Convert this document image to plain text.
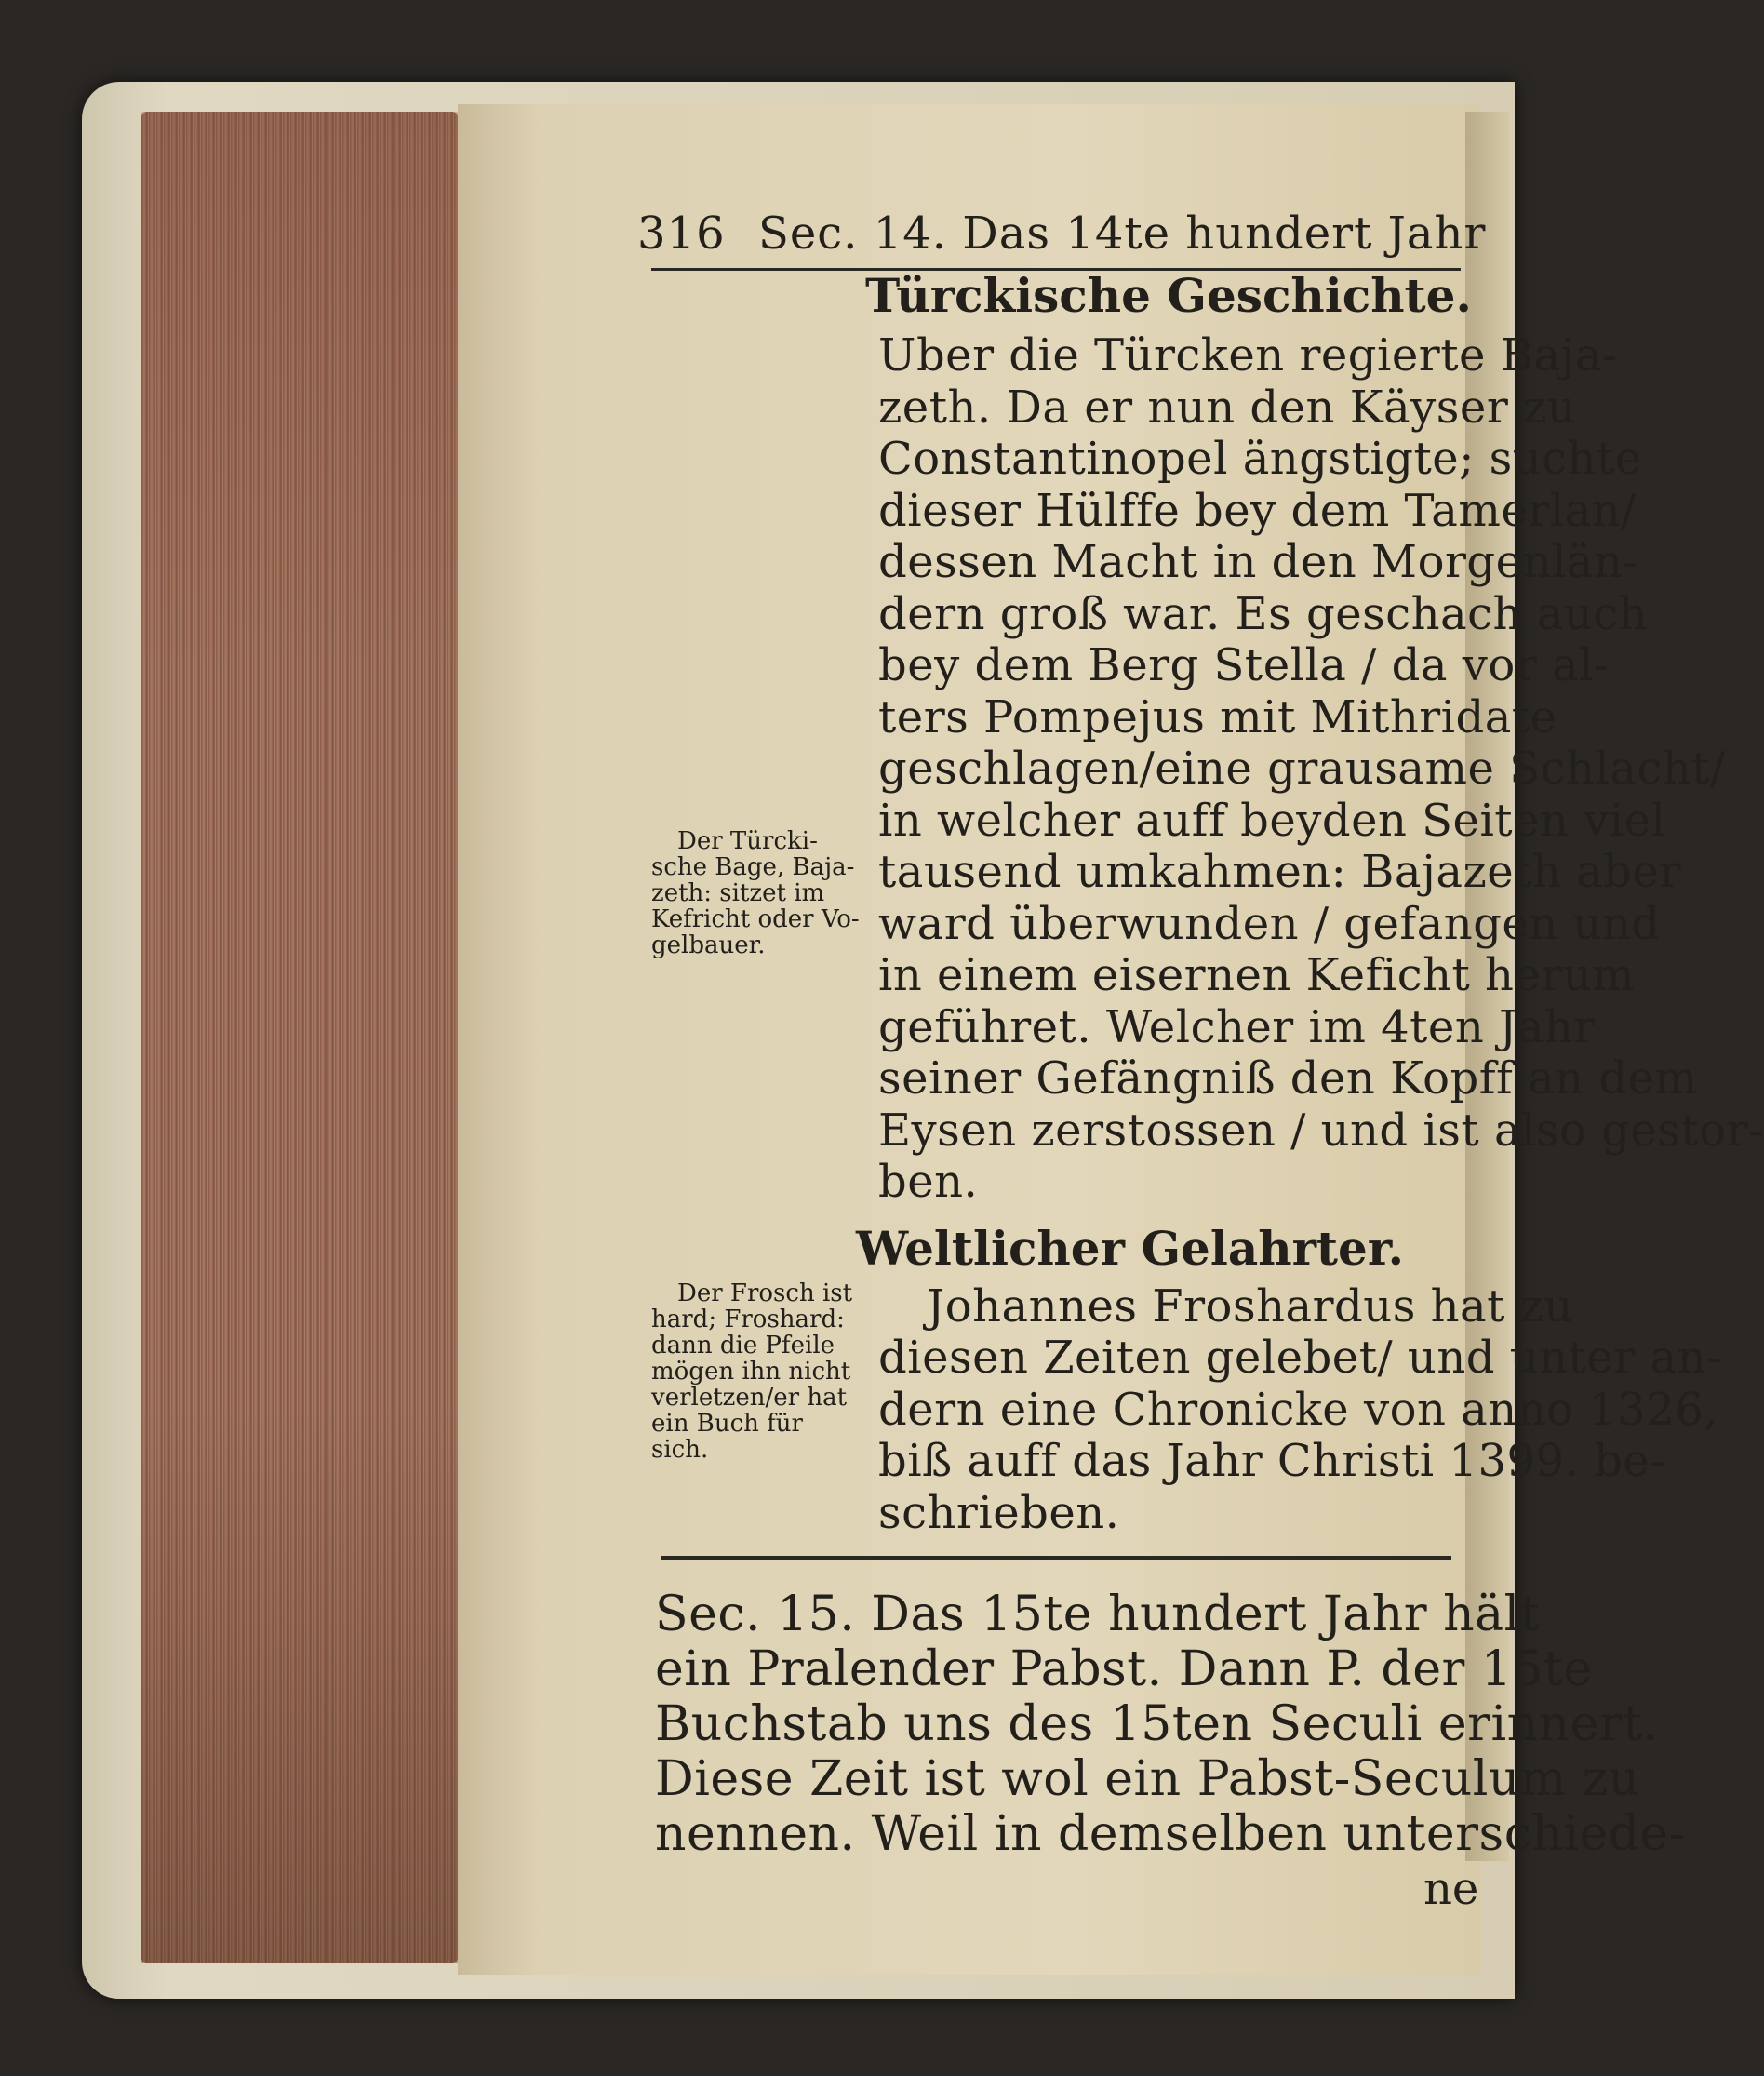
316 Sec. 14. Das 14te hundert Jahr
Türckische Geschichte.
Uber die Türcken regierte Baja-
zeth. Da er nun den Käyser zu
Constantinopel ängstigte; suchte
dieser Hülffe bey dem Tamerlan/
dessen Macht in den Morgenlän-
dern groß war. Es geschach auch
bey dem Berg Stella / da vor al-
ters Pompejus mit Mithridate
geschlagen/eine grausame Schlacht/
in welcher auff beyden Seiten viel
tausend umkahmen: Bajazeth aber
ward überwunden / gefangen und
in einem eisernen Keficht herum
geführet. Welcher im 4ten Jahr
seiner Gefängniß den Kopff an dem
Eysen zerstossen / und ist also gestor-
ben.
Der Türcki-
sche Bage, Baja-
zeth: sitzet im
Kefricht oder Vo-
gelbauer.
Weltlicher Gelahrter.
Johannes Froshardus hat zu
diesen Zeiten gelebet/ und unter an-
dern eine Chronicke von anno 1326,
biß auff das Jahr Christi 1399. be-
schrieben.
Der Frosch ist
hard; Froshard:
dann die Pfeile
mögen ihn nicht
verletzen/er hat
ein Buch für
sich.
Sec. 15. Das 15te hundert Jahr hält
ein Pralender Pabst. Dann P. der 15te
Buchstab uns des 15ten Seculi erinnert.
Diese Zeit ist wol ein Pabst-Seculum zu
nennen. Weil in demselben unterschiede-
ne
